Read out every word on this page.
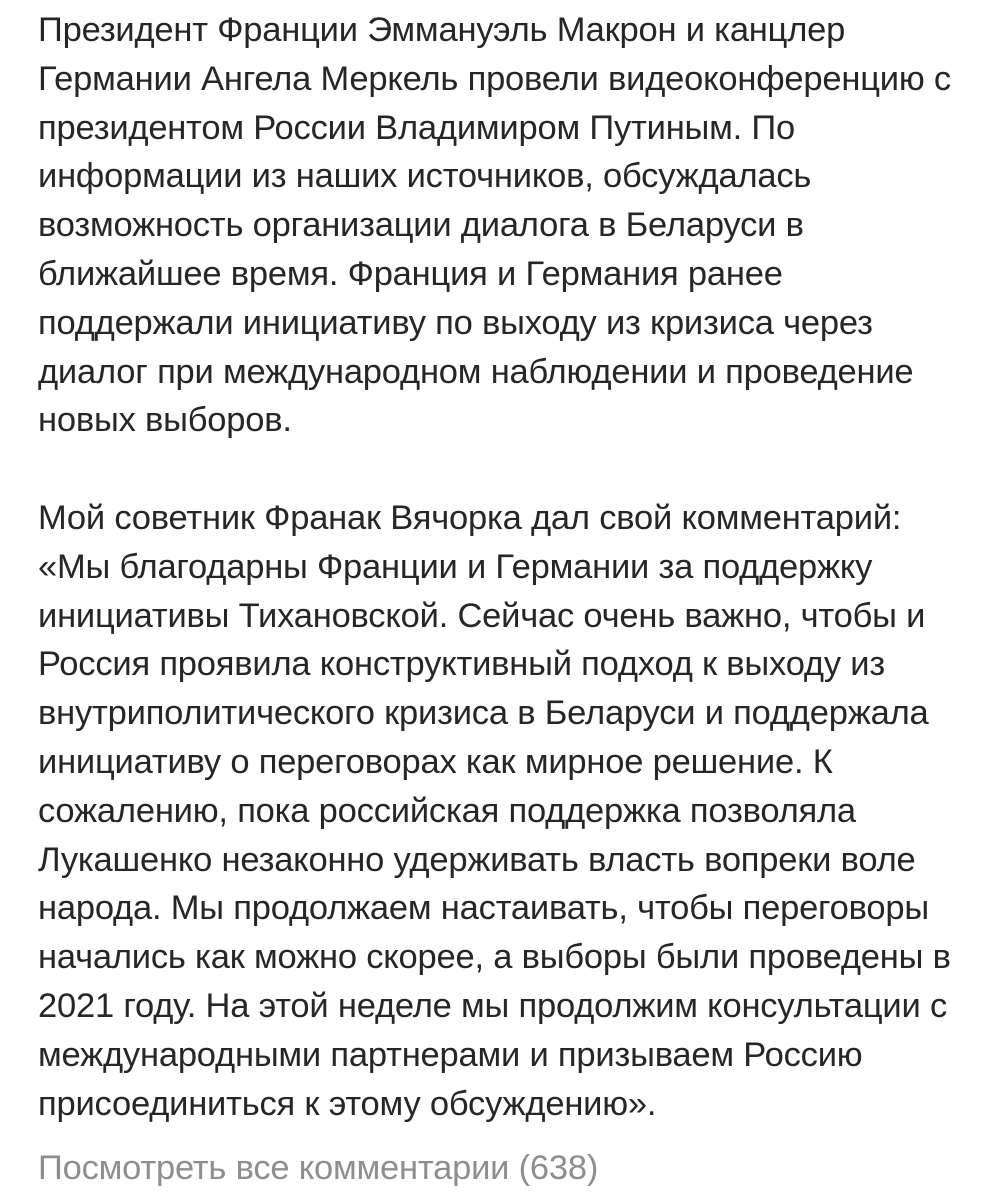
Президент Франции Эммануэль Макрон и канцлер Германии Ангела Меркель провели видеоконференцию с президентом России Владимиром Путиным. По информации из наших источников, обсуждалась возможность организации диалога в Беларуси в ближайшее время. Франция и Германия ранее поддержали инициативу по выходу из кризиса через диалог при международном наблюдении и проведение новых выборов.

Мой советник Франак Вячорка дал свой комментарий: «Мы благодарны Франции и Германии за поддержку инициативы Тихановской. Сейчас очень важно, чтобы и Россия проявила конструктивный подход к выходу из внутриполитического кризиса в Беларуси и поддержала инициативу о переговорах как мирное решение. К сожалению, пока российская поддержка позволяла Лукашенко незаконно удерживать власть вопреки воле народа. Мы продолжаем настаивать, чтобы переговоры начались как можно скорее, а выборы были проведены в 2021 году. На этой неделе мы продолжим консультации с международными партнерами и призываем Россию присоединиться к этому обсуждению».

Посмотреть все комментарии (638)
